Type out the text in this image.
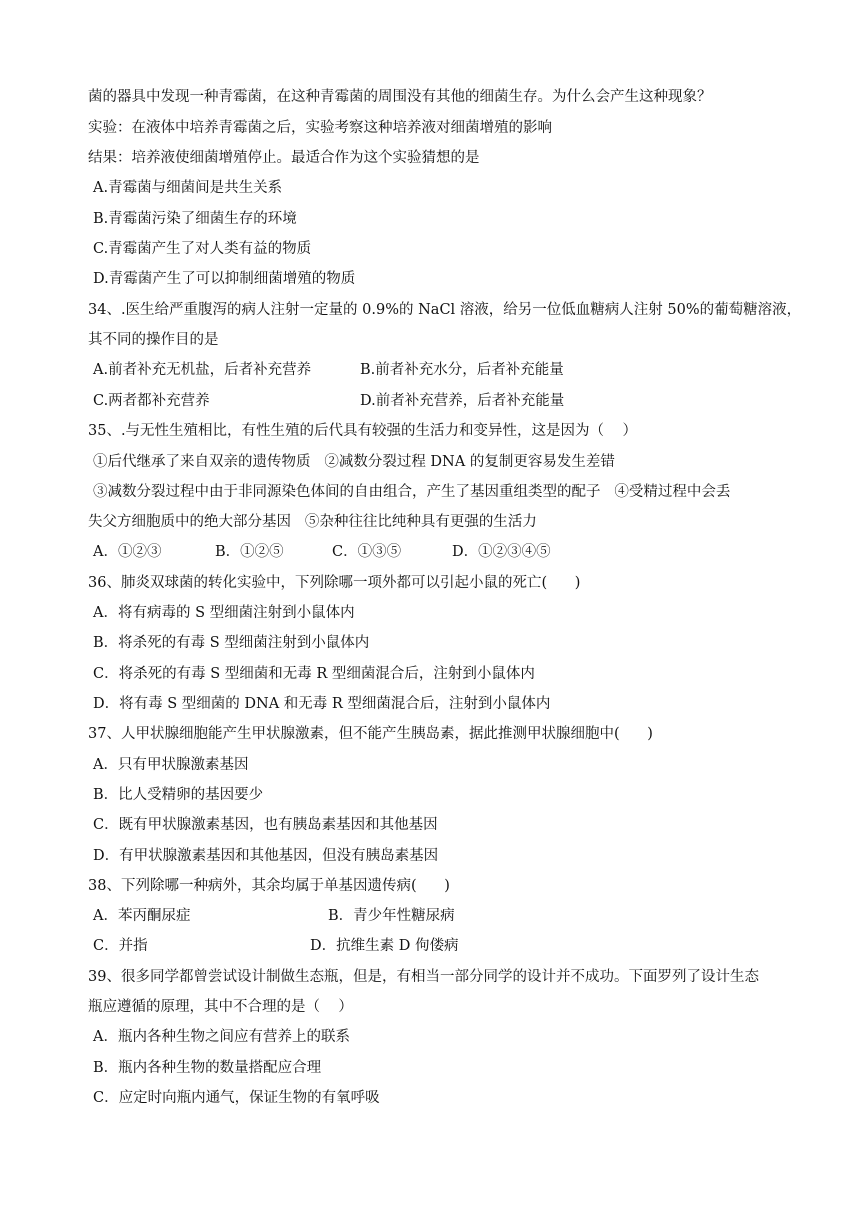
菌的器具中发现一种青霉菌，在这种青霉菌的周围没有其他的细菌生存。为什么会产生这种现象？
实验：在液体中培养青霉菌之后，实验考察这种培养液对细菌增殖的影响
结果：培养液使细菌增殖停止。最适合作为这个实验猜想的是
A.青霉菌与细菌间是共生关系
B.青霉菌污染了细菌生存的环境
C.青霉菌产生了对人类有益的物质
D.青霉菌产生了可以抑制细菌增殖的物质
34、.医生给严重腹泻的病人注射一定量的 0.9%的 NaCl 溶液，给另一位低血糖病人注射 50%的葡萄糖溶液，
其不同的操作目的是
A.前者补充无机盐，后者补充营养	B.前者补充水分，后者补充能量
C.两者都补充营养	D.前者补充营养，后者补充能量
35、.与无性生殖相比，有性生殖的后代具有较强的生活力和变异性，这是因为（    ）
①后代继承了来自双亲的遗传物质   ②减数分裂过程 DNA 的复制更容易发生差错
③减数分裂过程中由于非同源染色体间的自由组合，产生了基因重组类型的配子   ④受精过程中会丢
失父方细胞质中的绝大部分基因   ⑤杂种往往比纯种具有更强的生活力
A．①②③	B．①②⑤	C．①③⑤	D．①②③④⑤
36、肺炎双球菌的转化实验中，下列除哪一项外都可以引起小鼠的死亡(      )
A．将有病毒的 S 型细菌注射到小鼠体内
B．将杀死的有毒 S 型细菌注射到小鼠体内
C．将杀死的有毒 S 型细菌和无毒 R 型细菌混合后，注射到小鼠体内
D．将有毒 S 型细菌的 DNA 和无毒 R 型细菌混合后，注射到小鼠体内
37、人甲状腺细胞能产生甲状腺激素，但不能产生胰岛素，据此推测甲状腺细胞中(      )
A．只有甲状腺激素基因
B．比人受精卵的基因要少
C．既有甲状腺激素基因，也有胰岛素基因和其他基因
D．有甲状腺激素基因和其他基因，但没有胰岛素基因
38、下列除哪一种病外，其余均属于单基因遗传病(      )
A．苯丙酮尿症	B．青少年性糖尿病
C．并指	D．抗维生素 D 佝偻病
39、很多同学都曾尝试设计制做生态瓶，但是，有相当一部分同学的设计并不成功。下面罗列了设计生态
瓶应遵循的原理，其中不合理的是（    ）
A．瓶内各种生物之间应有营养上的联系
B．瓶内各种生物的数量搭配应合理
C．应定时向瓶内通气，保证生物的有氧呼吸
